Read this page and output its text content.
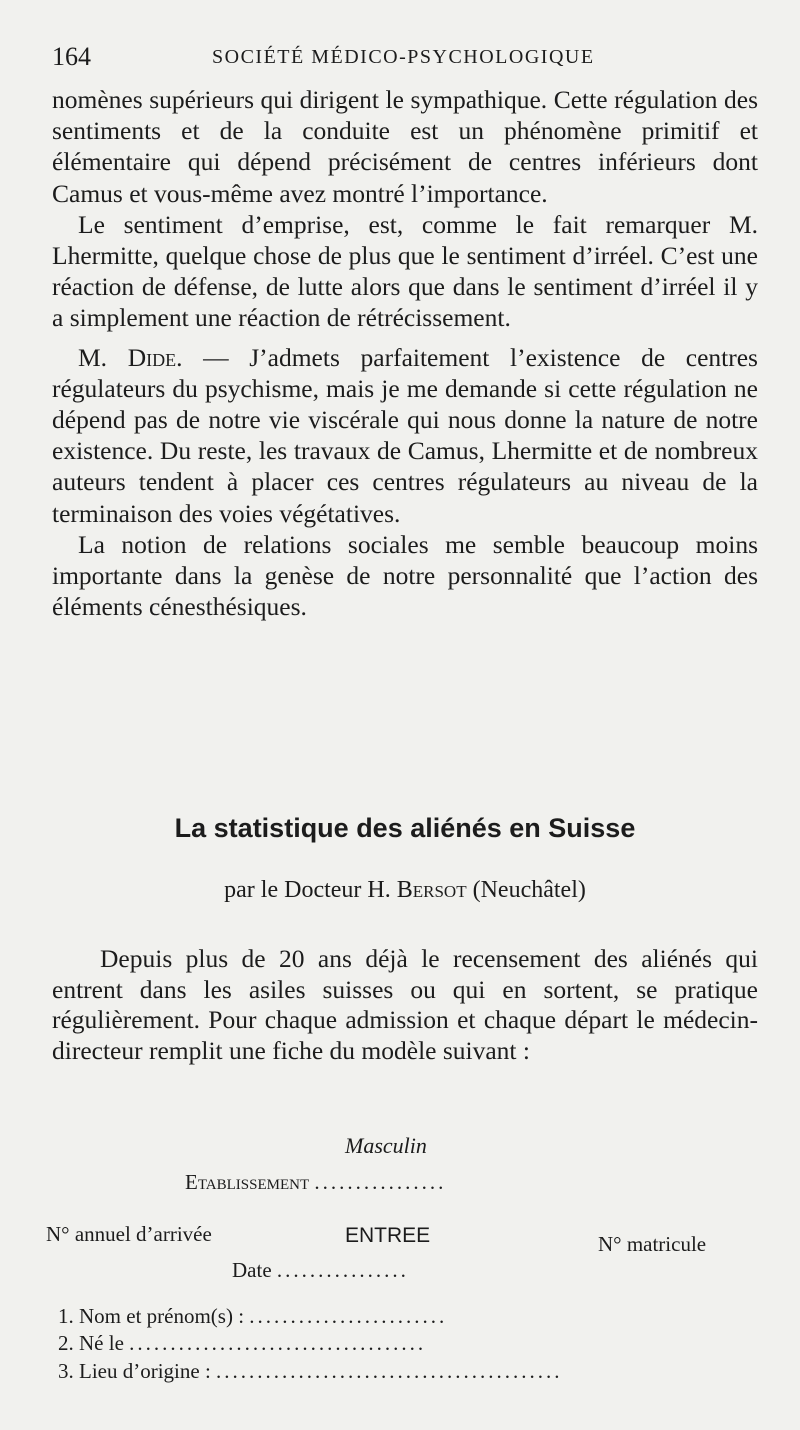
164	SOCIÉTÉ MÉDICO-PSYCHOLOGIQUE

nomènes supérieurs qui dirigent le sympathique. Cette régulation des sentiments et de la conduite est un phénomène primitif et élémentaire qui dépend précisément de centres inférieurs dont Camus et vous-même avez montré l’importance.

Le sentiment d’emprise, est, comme le fait remarquer M. Lhermitte, quelque chose de plus que le sentiment d’irréel. C’est une réaction de défense, de lutte alors que dans le sentiment d’irréel il y a simplement une réaction de rétrécissement.

M. Dide. — J’admets parfaitement l’existence de centres régulateurs du psychisme, mais je me demande si cette régulation ne dépend pas de notre vie viscérale qui nous donne la nature de notre existence. Du reste, les travaux de Camus, Lhermitte et de nombreux auteurs tendent à placer ces centres régulateurs au niveau de la terminaison des voies végétatives.

La notion de relations sociales me semble beaucoup moins importante dans la genèse de notre personnalité que l’action des éléments cénesthésiques.

La statistique des aliénés en Suisse
par le Docteur H. Bersot (Neuchâtel)

Depuis plus de 20 ans déjà le recensement des aliénés qui entrent dans les asiles suisses ou qui en sortent, se pratique régulièrement. Pour chaque admission et chaque départ le médecin-directeur remplit une fiche du modèle suivant :

Masculin
Etablissement ................
N° annuel d’arrivée	ENTREE	N° matricule
Date ................
1. Nom et prénom(s) : ........................
2. Né le ....................................
3. Lieu d’origine : ..........................................
